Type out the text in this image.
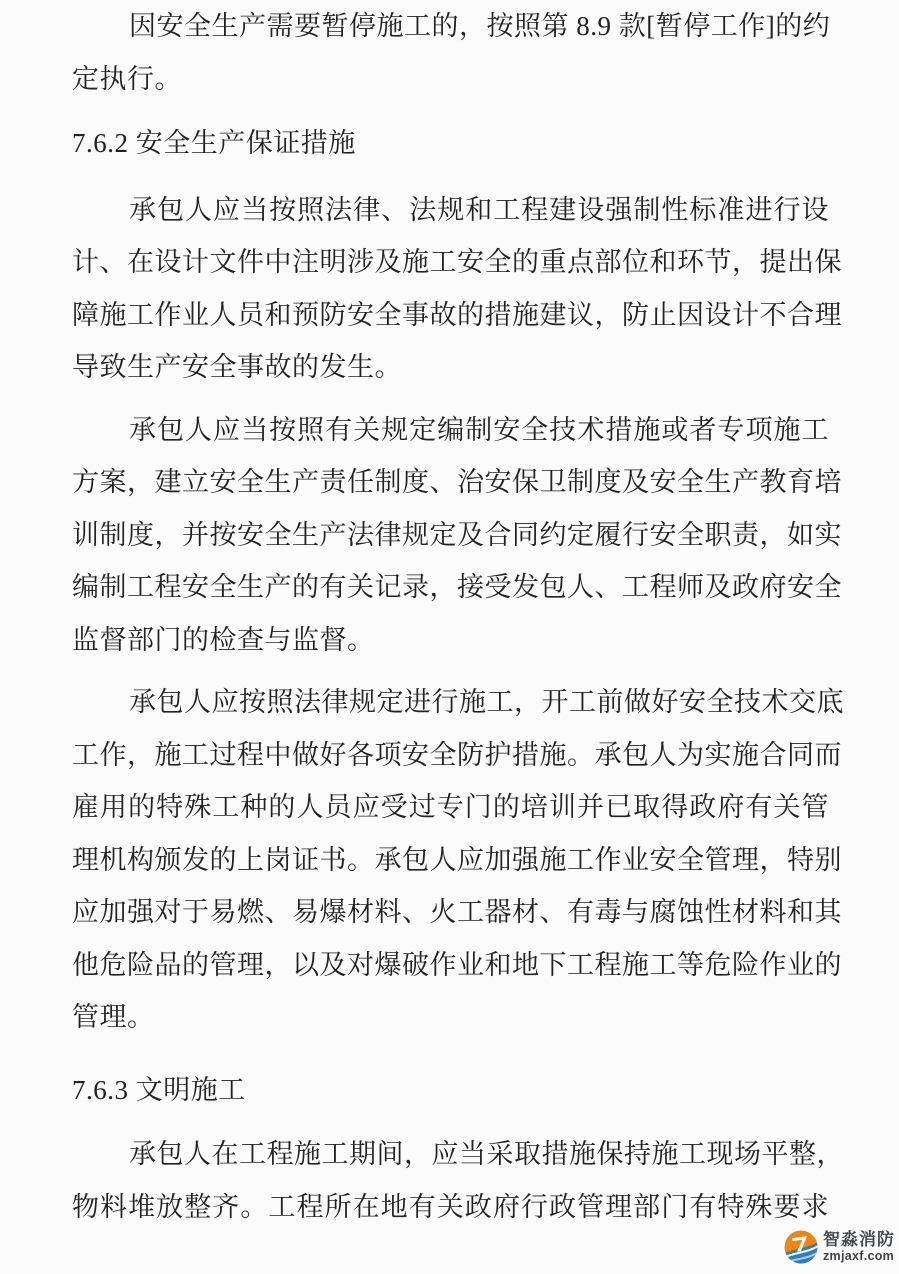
因安全生产需要暂停施工的，按照第 8.9 款[暂停工作]的约
定执行。

7.6.2 安全生产保证措施

承包人应当按照法律、法规和工程建设强制性标准进行设
计、在设计文件中注明涉及施工安全的重点部位和环节，提出保
障施工作业人员和预防安全事故的措施建议，防止因设计不合理
导致生产安全事故的发生。

承包人应当按照有关规定编制安全技术措施或者专项施工
方案，建立安全生产责任制度、治安保卫制度及安全生产教育培
训制度，并按安全生产法律规定及合同约定履行安全职责，如实
编制工程安全生产的有关记录，接受发包人、工程师及政府安全
监督部门的检查与监督。

承包人应按照法律规定进行施工，开工前做好安全技术交底
工作，施工过程中做好各项安全防护措施。承包人为实施合同而
雇用的特殊工种的人员应受过专门的培训并已取得政府有关管
理机构颁发的上岗证书。承包人应加强施工作业安全管理，特别
应加强对于易燃、易爆材料、火工器材、有毒与腐蚀性材料和其
他危险品的管理，以及对爆破作业和地下工程施工等危险作业的
管理。

7.6.3 文明施工

承包人在工程施工期间，应当采取措施保持施工现场平整，
物料堆放整齐。工程所在地有关政府行政管理部门有特殊要求

智淼消防
zmjaxf.com
